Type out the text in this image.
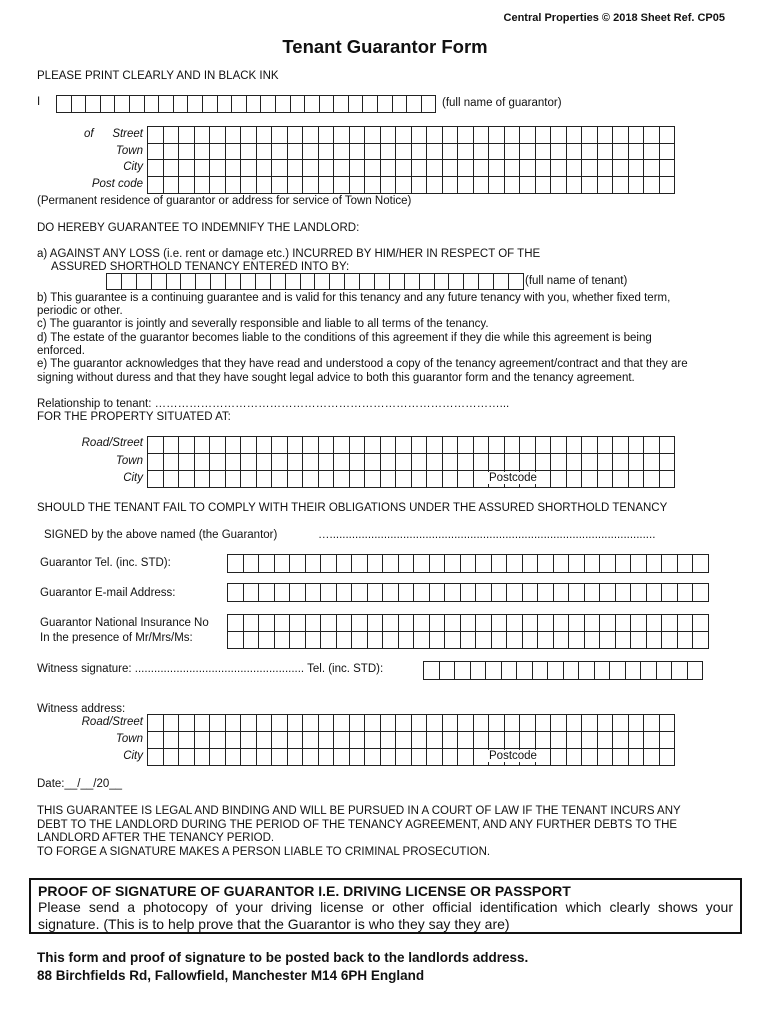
Central Properties © 2018 Sheet Ref. CP05
Tenant Guarantor Form
PLEASE PRINT CLEARLY AND IN BLACK INK
I	(full name of guarantor)
of Street
Town
City
Post code
(Permanent residence of guarantor or address for service of Town Notice)
DO HEREBY GUARANTEE TO INDEMNIFY THE LANDLORD:
a) AGAINST ANY LOSS (i.e. rent or damage etc.) INCURRED BY HIM/HER IN RESPECT OF THE
ASSURED SHORTHOLD TENANCY ENTERED INTO BY:
(full name of tenant)
b) This guarantee is a continuing guarantee and is valid for this tenancy and any future tenancy with you, whether fixed term,
periodic or other.
c) The guarantor is jointly and severally responsible and liable to all terms of the tenancy.
d) The estate of the guarantor becomes liable to the conditions of this agreement if they die while this agreement is being
enforced.
e) The guarantor acknowledges that they have read and understood a copy of the tenancy agreement/contract and that they are
signing without duress and that they have sought legal advice to both this guarantor form and the tenancy agreement.
Relationship to tenant: ………………………………………………………………………………...
FOR THE PROPERTY SITUATED AT:
Road/Street
Town
City	Postcode
SHOULD THE TENANT FAIL TO COMPLY WITH THEIR OBLIGATIONS UNDER THE ASSURED SHORTHOLD TENANCY
SIGNED by the above named (the Guarantor)	…......................................................................................................
Guarantor Tel. (inc. STD):
Guarantor E-mail Address:
Guarantor National Insurance No
In the presence of Mr/Mrs/Ms:
Witness signature: ..................................................... Tel. (inc. STD):
Witness address:
Road/Street
Town
City	Postcode
Date:__/__/20__
THIS GUARANTEE IS LEGAL AND BINDING AND WILL BE PURSUED IN A COURT OF LAW IF THE TENANT INCURS ANY
DEBT TO THE LANDLORD DURING THE PERIOD OF THE TENANCY AGREEMENT, AND ANY FURTHER DEBTS TO THE
LANDLORD AFTER THE TENANCY PERIOD.
TO FORGE A SIGNATURE MAKES A PERSON LIABLE TO CRIMINAL PROSECUTION.
PROOF OF SIGNATURE OF GUARANTOR I.E. DRIVING LICENSE OR PASSPORT
Please send a photocopy of your driving license or other official identification which clearly shows your signature. (This is to help prove that the Guarantor is who they say they are)
This form and proof of signature to be posted back to the landlords address.
88 Birchfields Rd, Fallowfield, Manchester M14 6PH England
